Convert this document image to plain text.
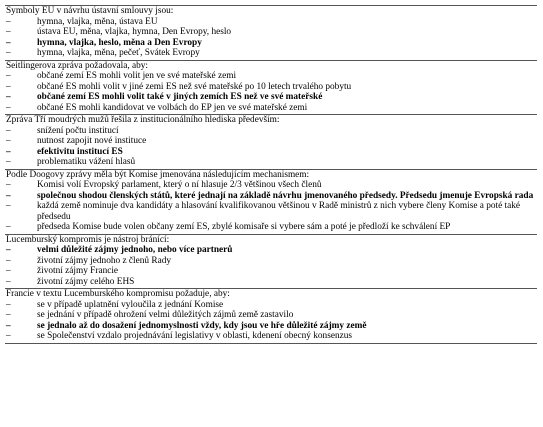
Symboly EU v návrhu ústavní smlouvy jsou:
–	hymna, vlajka, měna, ústava EU
–	ústava EU, měna, vlajka, hymna, Den Evropy, heslo
–	hymna, vlajka, heslo, měna a Den Evropy
–	hymna, vlajka, měna, pečeť, Svátek Evropy
Seitlingerova zpráva požadovala, aby:
–	občané zemí ES mohli volit jen ve své mateřské zemi
–	občané ES mohli volit v jiné zemi ES než své mateřské po 10 letech trvalého pobytu
–	občané zemí ES mohli volit také v jiných zemích ES než ve své mateřské
–	občané ES mohli kandidovat ve volbách do EP jen ve své mateřské zemi
Zpráva Tří moudrých mužů řešila z institucionálního hlediska především:
–	snížení počtu institucí
–	nutnost zapojit nové instituce
–	efektivitu institucí ES
–	problematiku vážení hlasů
Podle Doogovy zprávy měla být Komise jmenována následujícím mechanismem:
–	Komisi volí Evropský parlament, který o ní hlasuje 2/3 většinou všech členů
–	společnou shodou členských států, které jednají na základě návrhu jmenovaného předsedy. Předsedu jmenuje Evropská rada
–	každá země nominuje dva kandidáty a hlasování kvalifikovanou většinou v Radě ministrů z nich vybere členy Komise a poté také předsedu
–	předseda Komise bude volen občany zemí ES, zbylé komisaře si vybere sám a poté je předloží ke schválení EP
Lucemburský kompromis je nástroj bránící:
–	velmi důležité zájmy jednoho, nebo více partnerů
–	životní zájmy jednoho z členů Rady
–	životní zájmy Francie
–	životní zájmy celého EHS
Francie v textu Lucemburského kompromisu požaduje, aby:
–	se v případě uplatnění vyloučila z jednání Komise
–	se jednání v případě ohrožení velmi důležitých zájmů země zastavilo
–	se jednalo až do dosažení jednomyslnosti vždy, kdy jsou ve hře důležité zájmy země
–	se Společenství vzdalo projednávání legislativy v oblasti, kdenení obecný konsenzus
